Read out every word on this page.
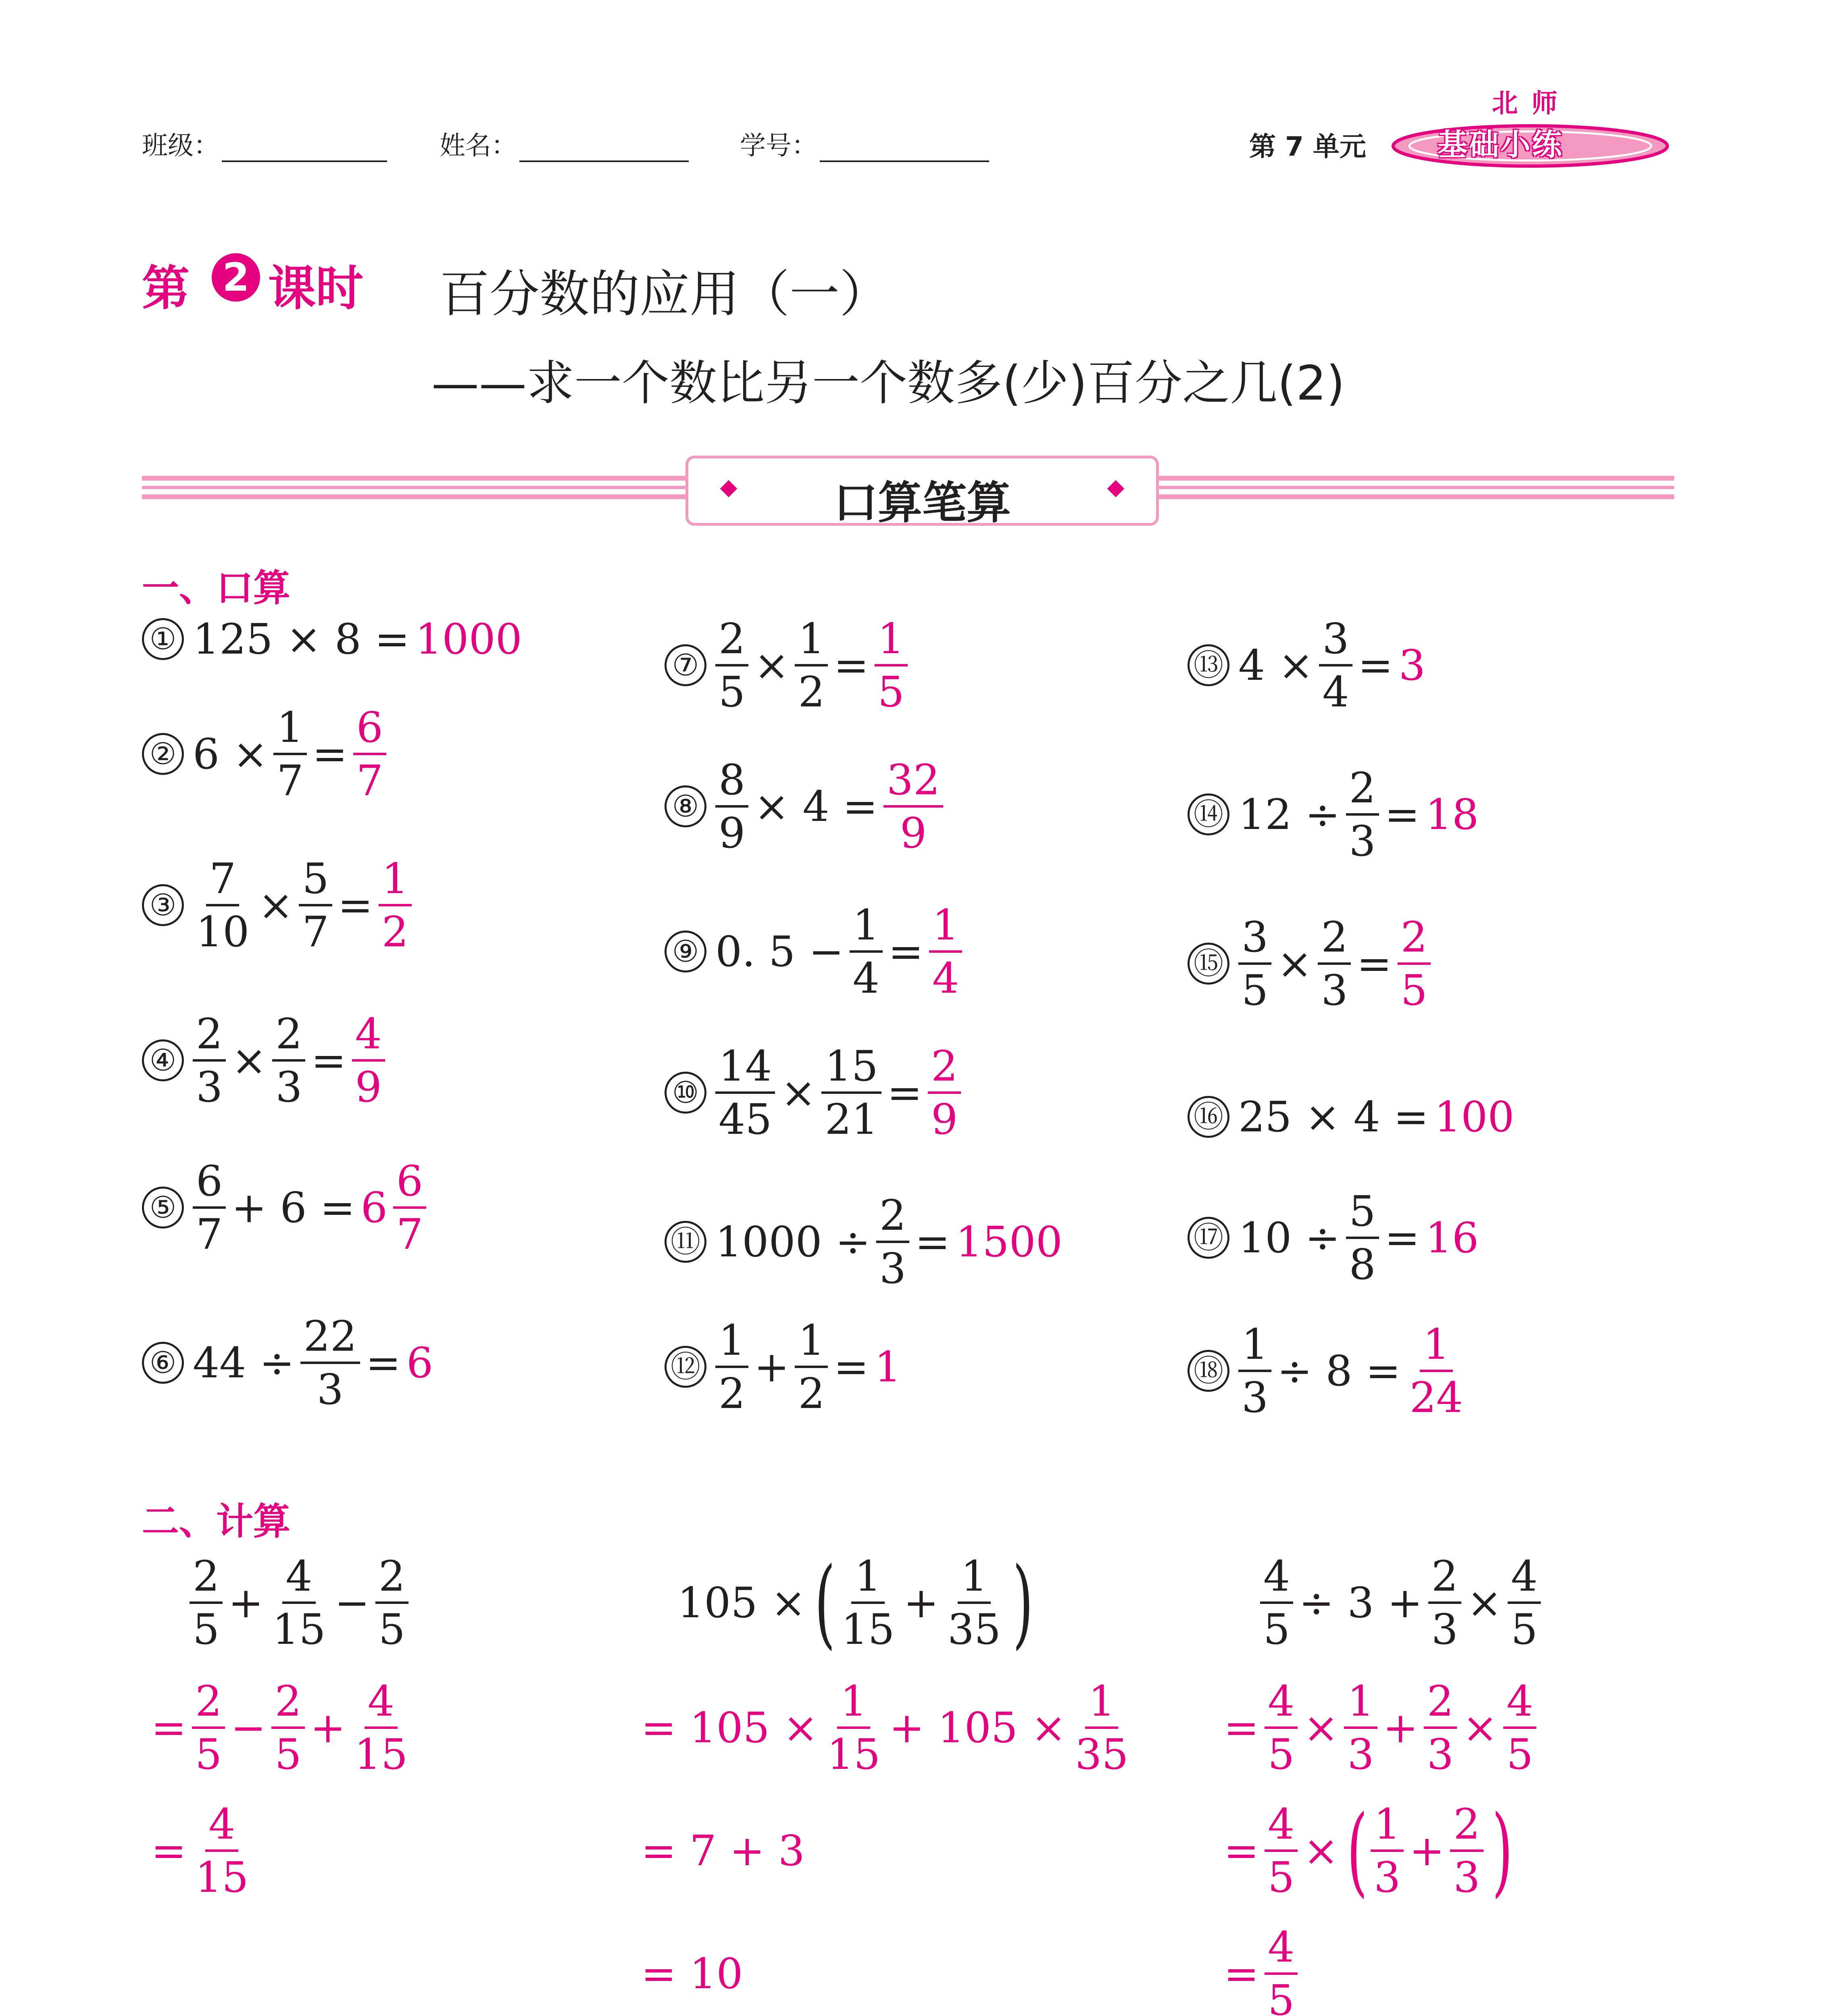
班级：	姓名：	学号：	第 7 单元
北 师
基础小练
第 2 课时 百分数的应用（一）
——求一个数比另一个数多(少)百分之几(2)
口算笔算
一、口算
二、计算
① 125 × 8 = 1000
② $6 \times \frac{1}{7} = \frac{6}{7}$
③ $\frac{7}{10} \times \frac{5}{7} = \frac{1}{2}$
④ $\frac{2}{3} \times \frac{2}{3} = \frac{4}{9}$
⑤ $\frac{6}{7} + 6 = 6 \frac{6}{7}$
⑥ $44 \div \frac{22}{3} = 6$
⑦ $\frac{2}{5} \times \frac{1}{2} = \frac{1}{5}$
⑧ $\frac{8}{9} \times 4 = \frac{32}{9}$
⑨ 0. $5 - \frac{1}{4} = \frac{1}{4}$
⑩ $\frac{14}{45} \times \frac{15}{21} = \frac{2}{9}$
⑪ $1000 \div \frac{2}{3} = 1500$
⑫ $\frac{1}{2} + \frac{1}{2} = 1$
⑬ $4 \times \frac{3}{4} = 3$
⑭ $12 \div \frac{2}{3} = 18$
⑮ $\frac{3}{5} \times \frac{2}{3} = \frac{2}{5}$
⑯ 25 × 4 = 100
⑰ $10 \div \frac{5}{8} = 16$
⑱ $\frac{1}{3} \div 8 = \frac{1}{24}$
$\frac{2}{5} + \frac{4}{15} - \frac{2}{5}$
= $\frac{2}{5} - \frac{2}{5} + \frac{4}{15}$
= $\frac{4}{15}$
105 × ( $\frac{1}{15} + \frac{1}{35}$ )
= $105 \times \frac{1}{15} + 105 \times \frac{1}{35}$
= 7 + 3
= 10
$\frac{4}{5} \div 3 + \frac{2}{3} \times \frac{4}{5}$
= $\frac{4}{5} \times \frac{1}{3} + \frac{2}{3} \times \frac{4}{5}$
= $\frac{4}{5}$ × ( $\frac{1}{3} + \frac{2}{3}$ )
= $\frac{4}{5}$
